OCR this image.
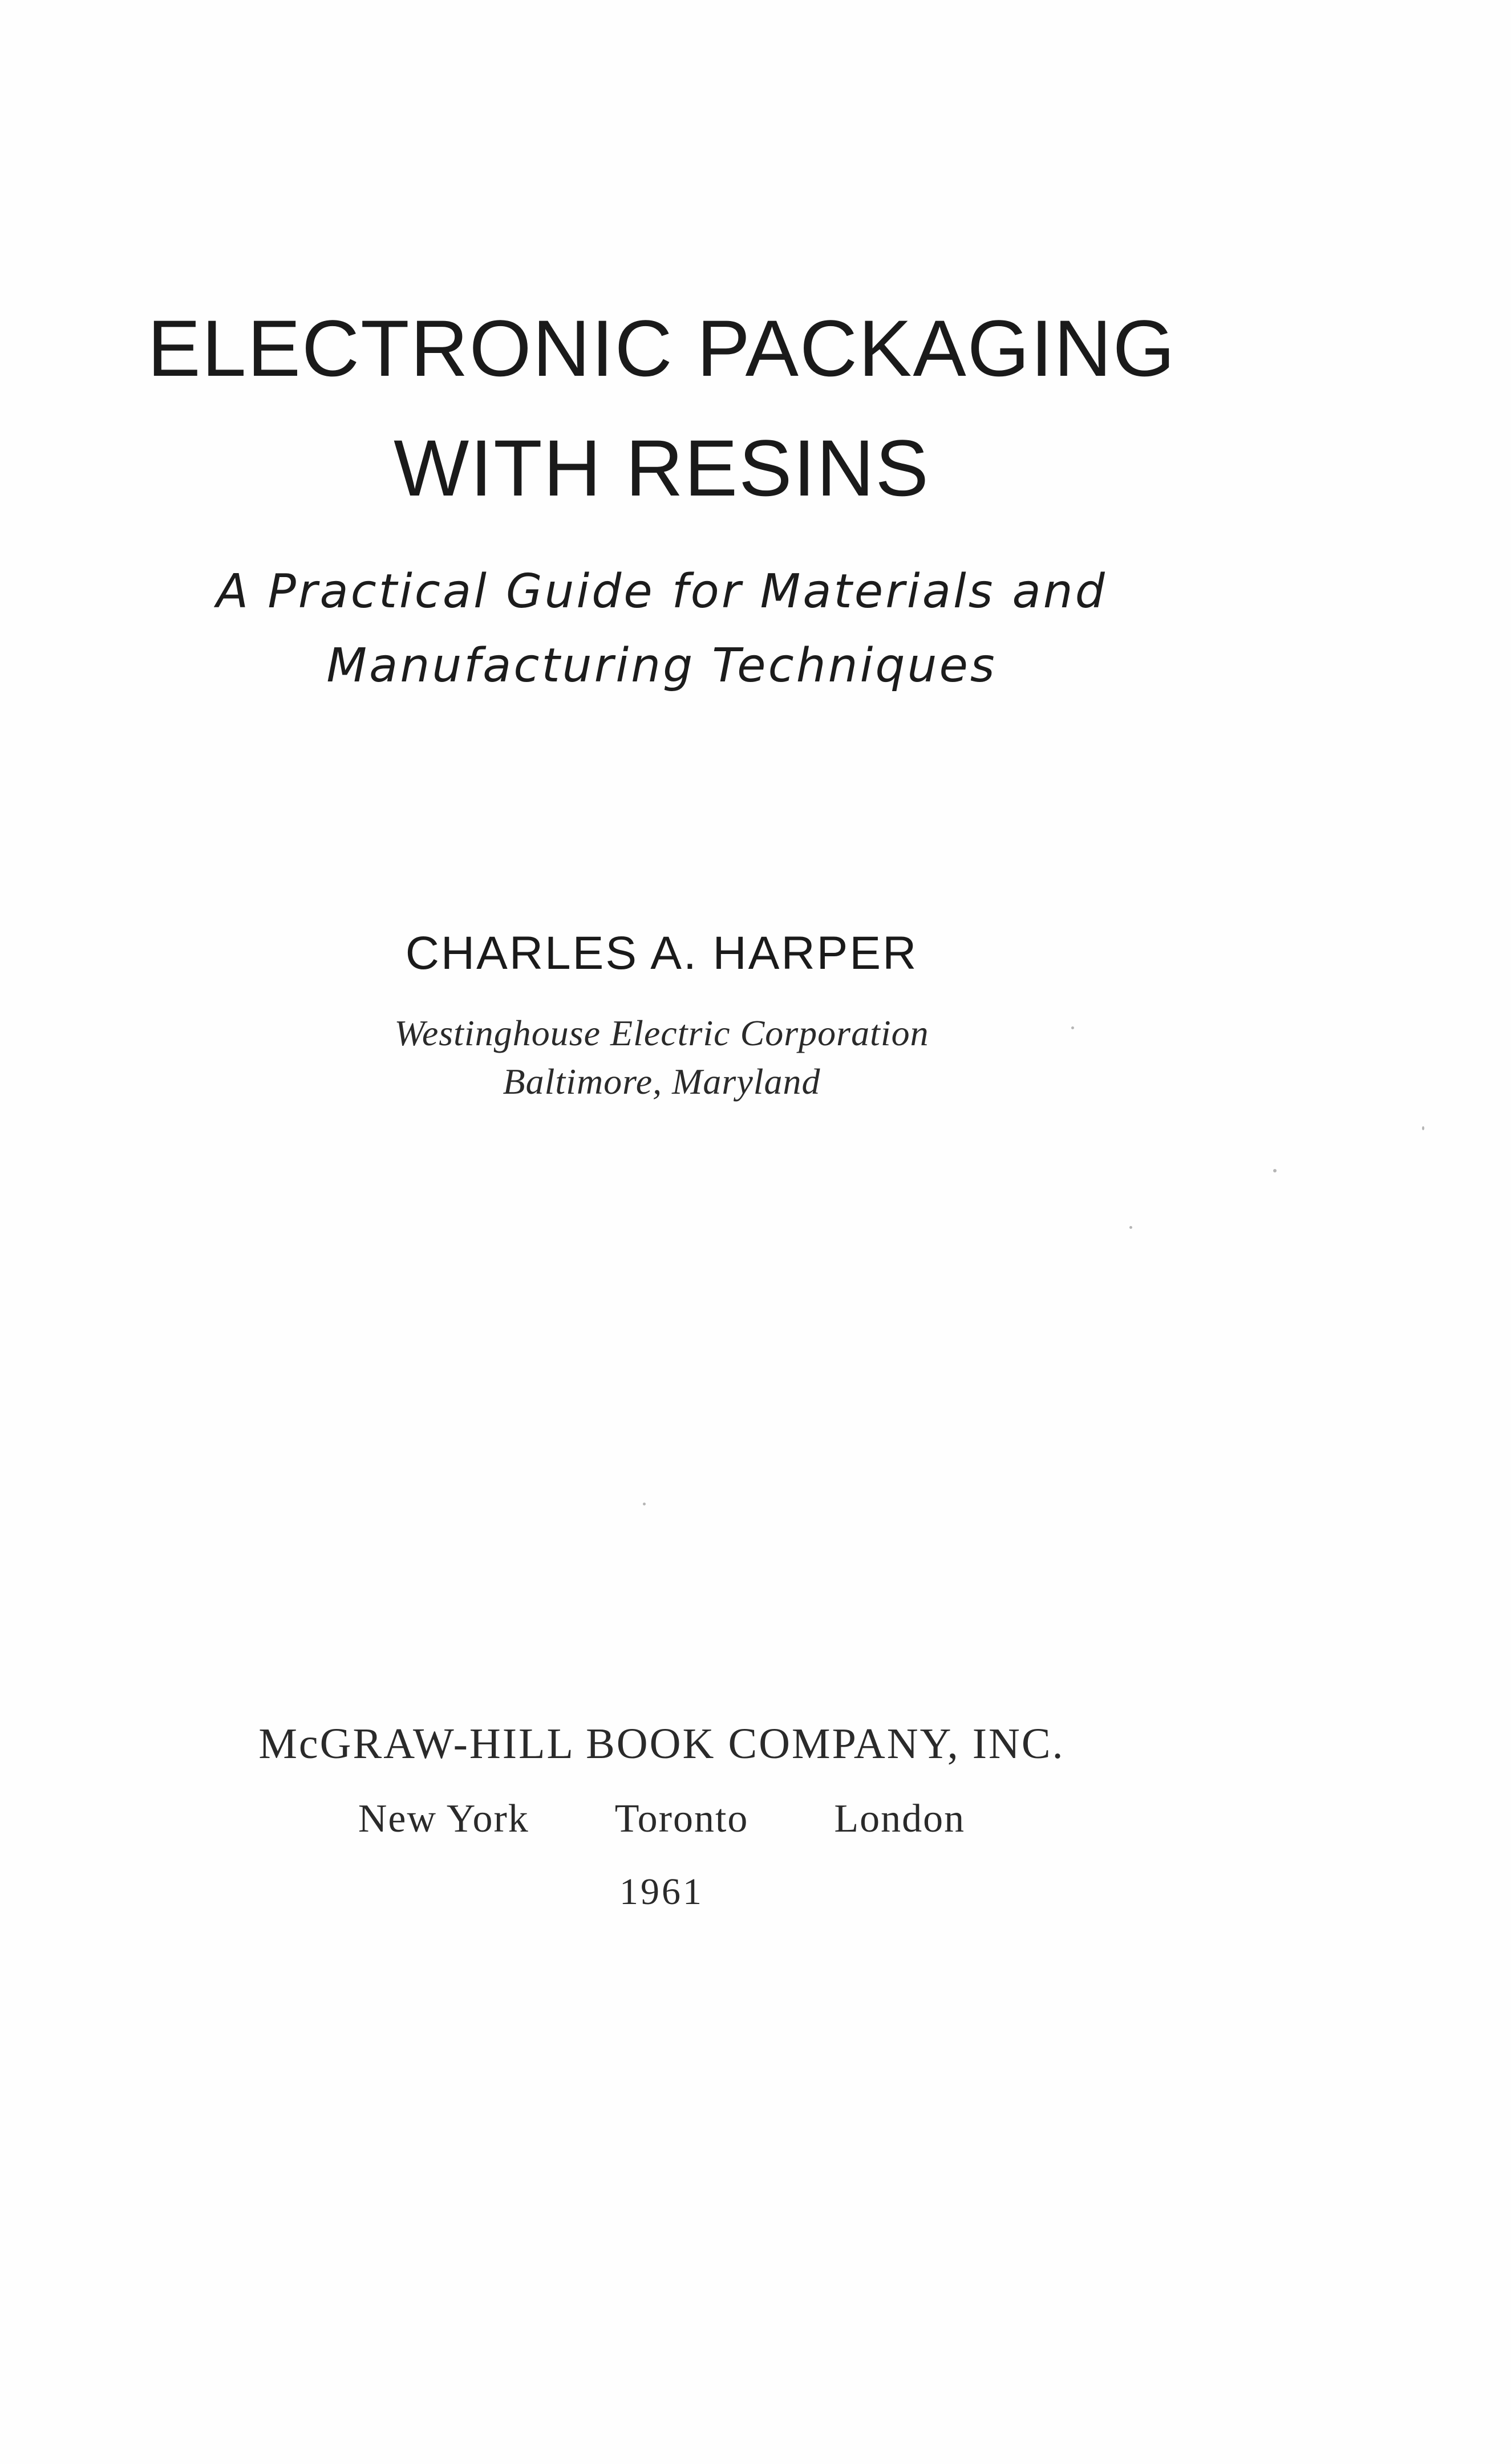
ELECTRONIC PACKAGING
WITH RESINS
A Practical Guide for Materials and
Manufacturing Techniques
CHARLES A. HARPER
Westinghouse Electric Corporation
Baltimore, Maryland
McGRAW-HILL BOOK COMPANY, INC.
New York Toronto London
1961
